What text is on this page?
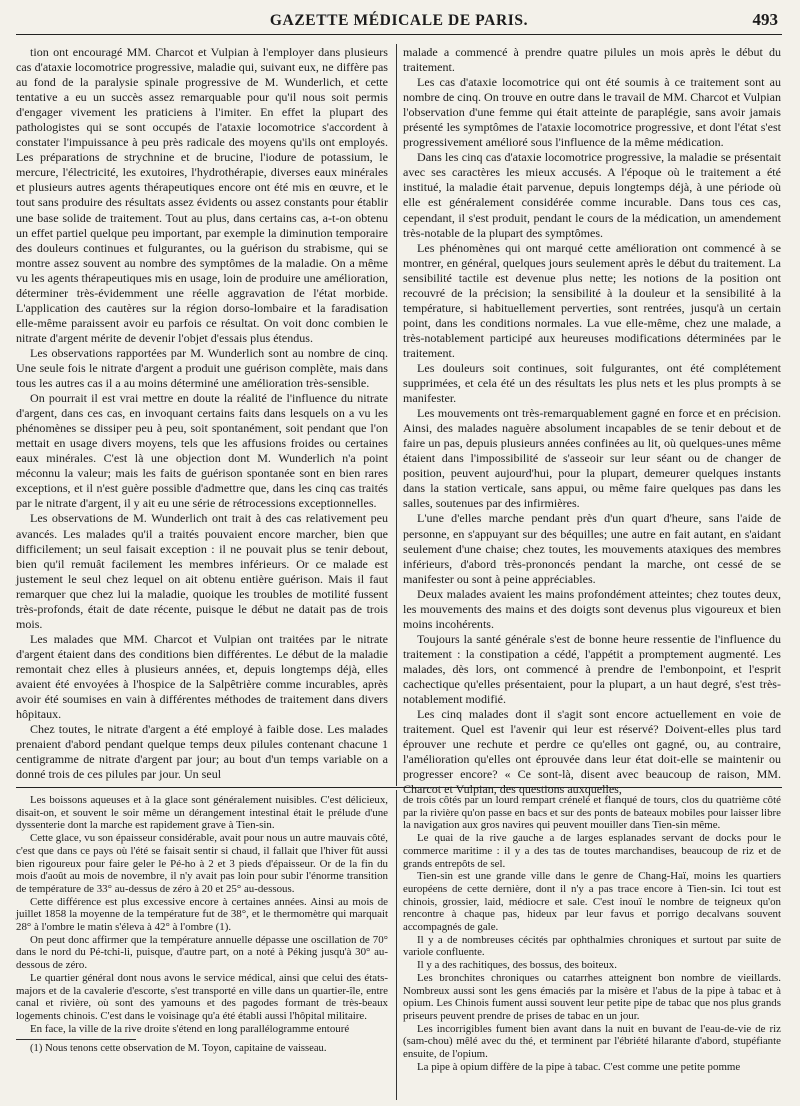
GAZETTE MÉDICALE DE PARIS.	493

tion ont encouragé MM. Charcot et Vulpian à l'employer dans plusieurs cas d'ataxie locomotrice progressive, maladie qui, suivant eux, ne diffère pas au fond de la paralysie spinale progressive de M. Wunderlich, et cette tentative a eu un succès assez remarquable pour qu'il nous soit permis d'engager vivement les praticiens à l'imiter. En effet la plupart des pathologistes qui se sont occupés de l'ataxie locomotrice s'accordent à constater l'impuissance à peu près radicale des moyens qu'ils ont employés. Les préparations de strychnine et de brucine, l'iodure de potassium, le mercure, l'électricité, les exutoires, l'hydrothérapie, diverses eaux minérales et plusieurs autres agents thérapeutiques encore ont été mis en œuvre, et le tout sans produire des résultats assez évidents ou assez constants pour établir une base solide de traitement. Tout au plus, dans certains cas, a-t-on obtenu un effet partiel quelque peu important, par exemple la diminution temporaire des douleurs continues et fulgurantes, ou la guérison du strabisme, qui se montre assez souvent au nombre des symptômes de la maladie. On a même vu les agents thérapeutiques mis en usage, loin de produire une amélioration, déterminer très-évidemment une réelle aggravation de l'état morbide. L'application des cautères sur la région dorso-lombaire et la faradisation elle-même paraissent avoir eu parfois ce résultat. On voit donc combien le nitrate d'argent mérite de devenir l'objet d'essais plus étendus.

Les observations rapportées par M. Wunderlich sont au nombre de cinq. Une seule fois le nitrate d'argent a produit une guérison complète, mais dans tous les autres cas il a au moins déterminé une amélioration très-sensible.

On pourrait il est vrai mettre en doute la réalité de l'influence du nitrate d'argent, dans ces cas, en invoquant certains faits dans lesquels on a vu les phénomènes se dissiper peu à peu, soit spontanément, soit pendant que l'on mettait en usage divers moyens, tels que les affusions froides ou certaines eaux minérales. C'est là une objection dont M. Wunderlich n'a point méconnu la valeur; mais les faits de guérison spontanée sont en bien rares exceptions, et il n'est guère possible d'admettre que, dans les cinq cas traités par le nitrate d'argent, il y ait eu une série de rétrocessions exceptionnelles.

Les observations de M. Wunderlich ont trait à des cas relativement peu avancés. Les malades qu'il a traités pouvaient encore marcher, bien que difficilement; un seul faisait exception : il ne pouvait plus se tenir debout, bien qu'il remuât facilement les membres inférieurs. Or ce malade est justement le seul chez lequel on ait obtenu entière guérison. Mais il faut remarquer que chez lui la maladie, quoique les troubles de motilité fussent très-profonds, était de date récente, puisque le début ne datait pas de trois mois.

Les malades que MM. Charcot et Vulpian ont traitées par le nitrate d'argent étaient dans des conditions bien différentes. Le début de la maladie remontait chez elles à plusieurs années, et, depuis longtemps déjà, elles avaient été envoyées à l'hospice de la Salpêtrière comme incurables, après avoir été soumises en vain à différentes méthodes de traitement dans divers hôpitaux.

Chez toutes, le nitrate d'argent a été employé à faible dose. Les malades prenaient d'abord pendant quelque temps deux pilules contenant chacune 1 centigramme de nitrate d'argent par jour; au bout d'un temps variable on a donné trois de ces pilules par jour. Un seul

malade a commencé à prendre quatre pilules un mois après le début du traitement.

Les cas d'ataxie locomotrice qui ont été soumis à ce traitement sont au nombre de cinq. On trouve en outre dans le travail de MM. Charcot et Vulpian l'observation d'une femme qui était atteinte de paraplégie, sans avoir jamais présenté les symptômes de l'ataxie locomotrice progressive, et dont l'état s'est progressivement amélioré sous l'influence de la même médication.

Dans les cinq cas d'ataxie locomotrice progressive, la maladie se présentait avec ses caractères les mieux accusés. A l'époque où le traitement a été institué, la maladie était parvenue, depuis longtemps déjà, à une période où elle est généralement considérée comme incurable. Dans tous ces cas, cependant, il s'est produit, pendant le cours de la médication, un amendement très-notable de la plupart des symptômes.

Les phénomènes qui ont marqué cette amélioration ont commencé à se montrer, en général, quelques jours seulement après le début du traitement. La sensibilité tactile est devenue plus nette; les notions de la position ont recouvré de la précision; la sensibilité à la douleur et la sensibilité à la température, si habituellement perverties, sont rentrées, jusqu'à un certain point, dans les conditions normales. La vue elle-même, chez une malade, a très-notablement participé aux heureuses modifications déterminées par le traitement.

Les douleurs soit continues, soit fulgurantes, ont été complétement supprimées, et cela été un des résultats les plus nets et les plus prompts à se manifester.

Les mouvements ont très-remarquablement gagné en force et en précision. Ainsi, des malades naguère absolument incapables de se tenir debout et de faire un pas, depuis plusieurs années confinées au lit, où quelques-unes même étaient dans l'impossibilité de s'asseoir sur leur séant ou de changer de position, peuvent aujourd'hui, pour la plupart, demeurer quelques instants dans la station verticale, sans appui, ou même faire quelques pas dans les salles, soutenues par des infirmières.

L'une d'elles marche pendant près d'un quart d'heure, sans l'aide de personne, en s'appuyant sur des béquilles; une autre en fait autant, en s'aidant seulement d'une chaise; chez toutes, les mouvements ataxiques des membres inférieurs, d'abord très-prononcés pendant la marche, ont cessé de se manifester ou sont à peine appréciables.

Deux malades avaient les mains profondément atteintes; chez toutes deux, les mouvements des mains et des doigts sont devenus plus vigoureux et bien moins incohérents.

Toujours la santé générale s'est de bonne heure ressentie de l'influence du traitement : la constipation a cédé, l'appétit a promptement augmenté. Les malades, dès lors, ont commencé à prendre de l'embonpoint, et l'esprit cachectique qu'elles présentaient, pour la plupart, a un haut degré, s'est très-notablement modifié.

Les cinq malades dont il s'agit sont encore actuellement en voie de traitement. Quel est l'avenir qui leur est réservé? Doivent-elles plus tard éprouver une rechute et perdre ce qu'elles ont gagné, ou, au contraire, l'amélioration qu'elles ont éprouvée dans leur état doit-elle se maintenir ou progresser encore? « Ce sont-là, disent avec beaucoup de raison, MM. Charcot et Vulpian, des questions auxquelles,

Les boissons aqueuses et à la glace sont généralement nuisibles. C'est délicieux, disait-on, et souvent le soir même un dérangement intestinal était le prélude d'une dyssenterie dont la marche est rapidement grave à Tien-sin.

Cette glace, vu son épaisseur considérable, avait pour nous un autre mauvais côté, c'est que dans ce pays où l'été se faisait sentir si chaud, il fallait que l'hiver fût aussi bien rigoureux pour faire geler le Pé-ho à 2 et 3 pieds d'épaisseur. Or de la fin du mois d'août au mois de novembre, il n'y avait pas loin pour subir l'énorme transition de température de 33° au-dessus de zéro à 20 et 25° au-dessous.

Cette différence est plus excessive encore à certaines années. Ainsi au mois de juillet 1858 la moyenne de la température fut de 38°, et le thermomètre qui marquait 28° à l'ombre le matin s'éleva à 42° à l'ombre (1).

On peut donc affirmer que la température annuelle dépasse une oscillation de 70° dans le nord du Pé-tchi-li, puisque, d'autre part, on a noté à Péking jusqu'à 30° au-dessous de zéro.

Le quartier général dont nous avons le service médical, ainsi que celui des états-majors et de la cavalerie d'escorte, s'est transporté en ville dans un quartier-île, entre canal et rivière, où sont des yamouns et des pagodes formant de très-beaux logements chinois. C'est dans le voisinage qu'a été établi aussi l'hôpital militaire.

En face, la ville de la rive droite s'étend en long parallélogramme entouré

(1) Nous tenons cette observation de M. Toyon, capitaine de vaisseau.

de trois côtés par un lourd rempart crénelé et flanqué de tours, clos du quatrième côté par la rivière qu'on passe en bacs et sur des ponts de bateaux mobiles pour laisser libre la navigation aux gros navires qui peuvent mouiller dans Tien-sin même.

Le quai de la rive gauche a de larges esplanades servant de docks pour le commerce maritime : il y a des tas de toutes marchandises, beaucoup de riz et de grands entrepôts de sel.

Tien-sin est une grande ville dans le genre de Chang-Haï, moins les quartiers européens de cette dernière, dont il n'y a pas trace encore à Tien-sin. Ici tout est chinois, grossier, laid, médiocre et sale. C'est inouï le nombre de teigneux qu'on rencontre à chaque pas, hideux par leur favus et porrigo decalvans souvent accompagnés de gale.

Il y a de nombreuses cécités par ophthalmies chroniques et surtout par suite de variole confluente.

Il y a des rachitiques, des bossus, des boiteux.

Les bronchites chroniques ou catarrhes atteignent bon nombre de vieillards. Nombreux aussi sont les gens émaciés par la misère et l'abus de la pipe à tabac et à opium. Les Chinois fument aussi souvent leur petite pipe de tabac que nos plus grands priseurs peuvent prendre de prises de tabac en un jour.

Les incorrigibles fument bien avant dans la nuit en buvant de l'eau-de-vie de riz (sam-chou) mêlé avec du thé, et terminent par l'ébriété hilarante d'abord, stupéfiante ensuite, de l'opium.

La pipe à opium diffère de la pipe à tabac. C'est comme une petite pomme
